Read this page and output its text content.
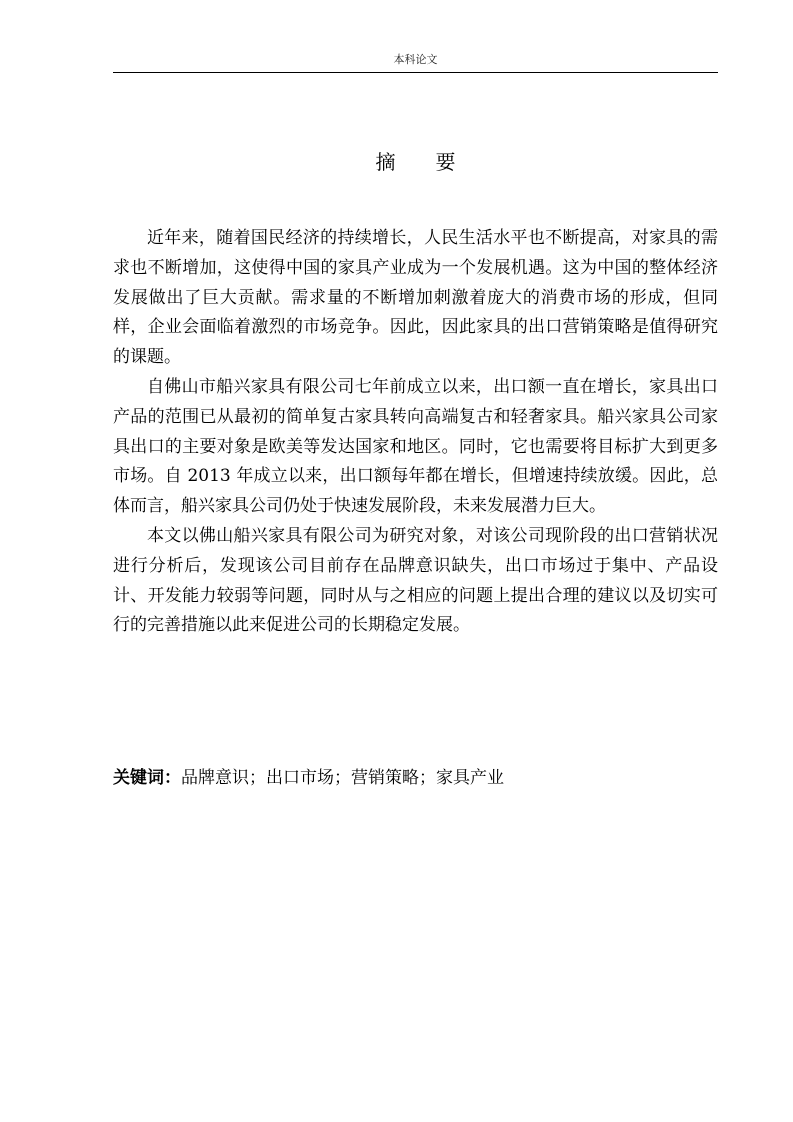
本科论文
摘 要

近年来，随着国民经济的持续增长，人民生活水平也不断提高，对家具的需求也不断增加，这使得中国的家具产业成为一个发展机遇。这为中国的整体经济发展做出了巨大贡献。需求量的不断增加刺激着庞大的消费市场的形成，但同样，企业会面临着激烈的市场竞争。因此，因此家具的出口营销策略是值得研究的课题。

自佛山市船兴家具有限公司七年前成立以来，出口额一直在增长，家具出口产品的范围已从最初的简单复古家具转向高端复古和轻奢家具。船兴家具公司家具出口的主要对象是欧美等发达国家和地区。同时，它也需要将目标扩大到更多市场。自 2013 年成立以来，出口额每年都在增长，但增速持续放缓。因此，总体而言，船兴家具公司仍处于快速发展阶段，未来发展潜力巨大。

本文以佛山船兴家具有限公司为研究对象，对该公司现阶段的出口营销状况进行分析后，发现该公司目前存在品牌意识缺失，出口市场过于集中、产品设计、开发能力较弱等问题，同时从与之相应的问题上提出合理的建议以及切实可行的完善措施以此来促进公司的长期稳定发展。

关键词：品牌意识；出口市场；营销策略；家具产业
